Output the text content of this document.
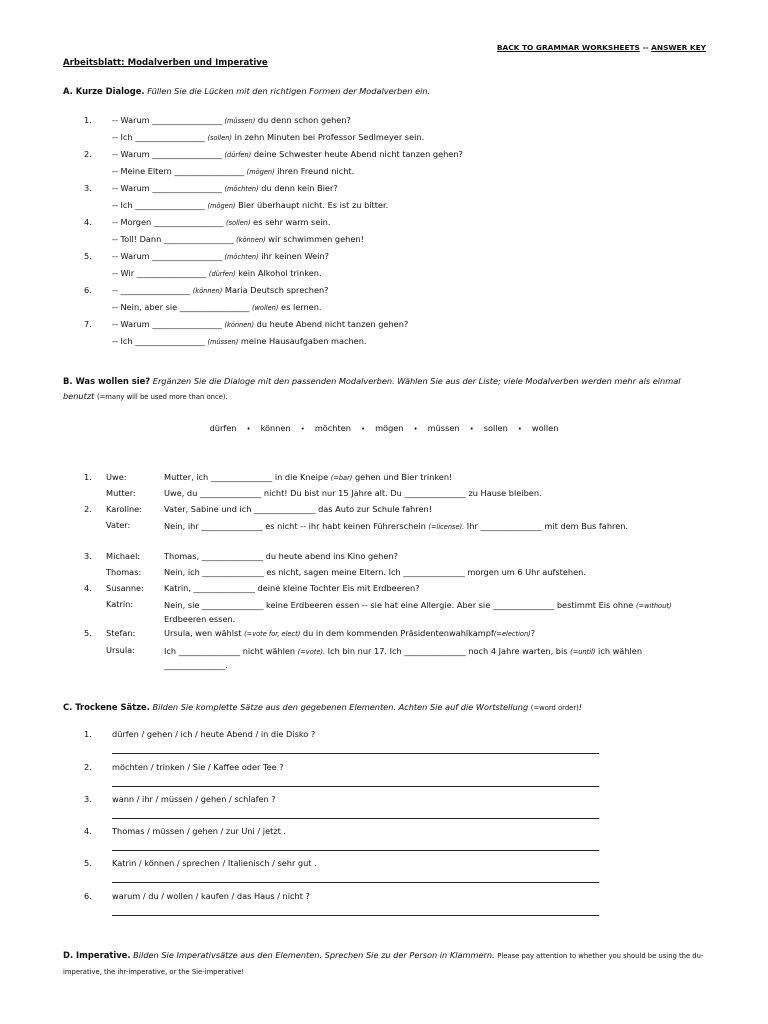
BACK TO GRAMMAR WORKSHEETS -- ANSWER KEY
Arbeitsblatt: Modalverben und Imperative
A. Kurze Dialoge. Füllen Sie die Lücken mit den richtigen Formen der Modalverben ein.
1. -- Warum _________________ (müssen) du denn schon gehen?
-- Ich _________________ (sollen) in zehn Minuten bei Professor Sedlmeyer sein.
2. -- Warum _________________ (dürfen) deine Schwester heute Abend nicht tanzen gehen?
-- Meine Eltern _________________ (mögen) ihren Freund nicht.
3. -- Warum _________________ (möchten) du denn kein Bier?
-- Ich _________________ (mögen) Bier überhaupt nicht. Es ist zu bitter.
4. -- Morgen _________________ (sollen) es sehr warm sein.
-- Toll! Dann _________________ (können) wir schwimmen gehen!
5. -- Warum _________________ (möchten) ihr keinen Wein?
-- Wir _________________ (dürfen) kein Alkohol trinken.
6. -- _________________ (können) Maria Deutsch sprechen?
-- Nein, aber sie _________________ (wollen) es lernen.
7. -- Warum _________________ (können) du heute Abend nicht tanzen gehen?
-- Ich _________________ (müssen) meine Hausaufgaben machen.
B. Was wollen sie? Ergänzen Sie die Dialoge mit den passenden Modalverben. Wählen Sie aus der Liste; viele Modalverben werden mehr als einmal benutzt (=many will be used more than once).
dürfen • können • möchten • mögen • müssen • sollen • wollen
1. Uwe:	Mutter, ich _______________ in die Kneipe (=bar) gehen und Bier trinken!
Mutter:	Uwe, du _______________ nicht! Du bist nur 15 Jahre alt. Du _______________ zu Hause bleiben.
2. Karoline:	Vater, Sabine und ich _______________ das Auto zur Schule fahren!
Vater:	Nein, ihr _______________ es nicht -- ihr habt keinen Führerschein (=license). Ihr _______________ mit dem Bus fahren.
3. Michael:	Thomas, _______________ du heute abend ins Kino gehen?
Thomas:	Nein, ich _______________ es nicht, sagen meine Eltern. Ich _______________ morgen um 6 Uhr aufstehen.
4. Susanne: Katrin, _______________ deine kleine Tochter Eis mit Erdbeeren?
Katrin:	Nein, sie _______________ keine Erdbeeren essen -- sie hat eine Allergie. Aber sie _______________ bestimmt Eis ohne (=without) Erdbeeren essen.
5. Stefan:	Ursula, wen wählst (=vote for, elect) du in dem kommenden Präsidentenwahlkampf(=election)?
Ursula:	Ich _______________ nicht wählen (=vote). Ich bin nur 17. Ich _______________ noch 4 Jahre warten, bis (=until) ich wählen _______________.
C. Trockene Sätze. Bilden Sie komplette Sätze aus den gegebenen Elementen. Achten Sie auf die Wortstellung (=word order)!
1. dürfen / gehen / ich / heute Abend / in die Disko ?
2. möchten / trinken / Sie / Kaffee oder Tee ?
3. wann / ihr / müssen / gehen / schlafen ?
4. Thomas / müssen / gehen / zur Uni / jetzt .
5. Katrin / können / sprechen / Italienisch / sehr gut .
6. warum / du / wollen / kaufen / das Haus / nicht ?
D. Imperative. Bilden Sie Imperativsätze aus den Elementen. Sprechen Sie zu der Person in Klammern. Please pay attention to whether you should be using the du-imperative, the ihr-imperative, or the Sie-imperative!
